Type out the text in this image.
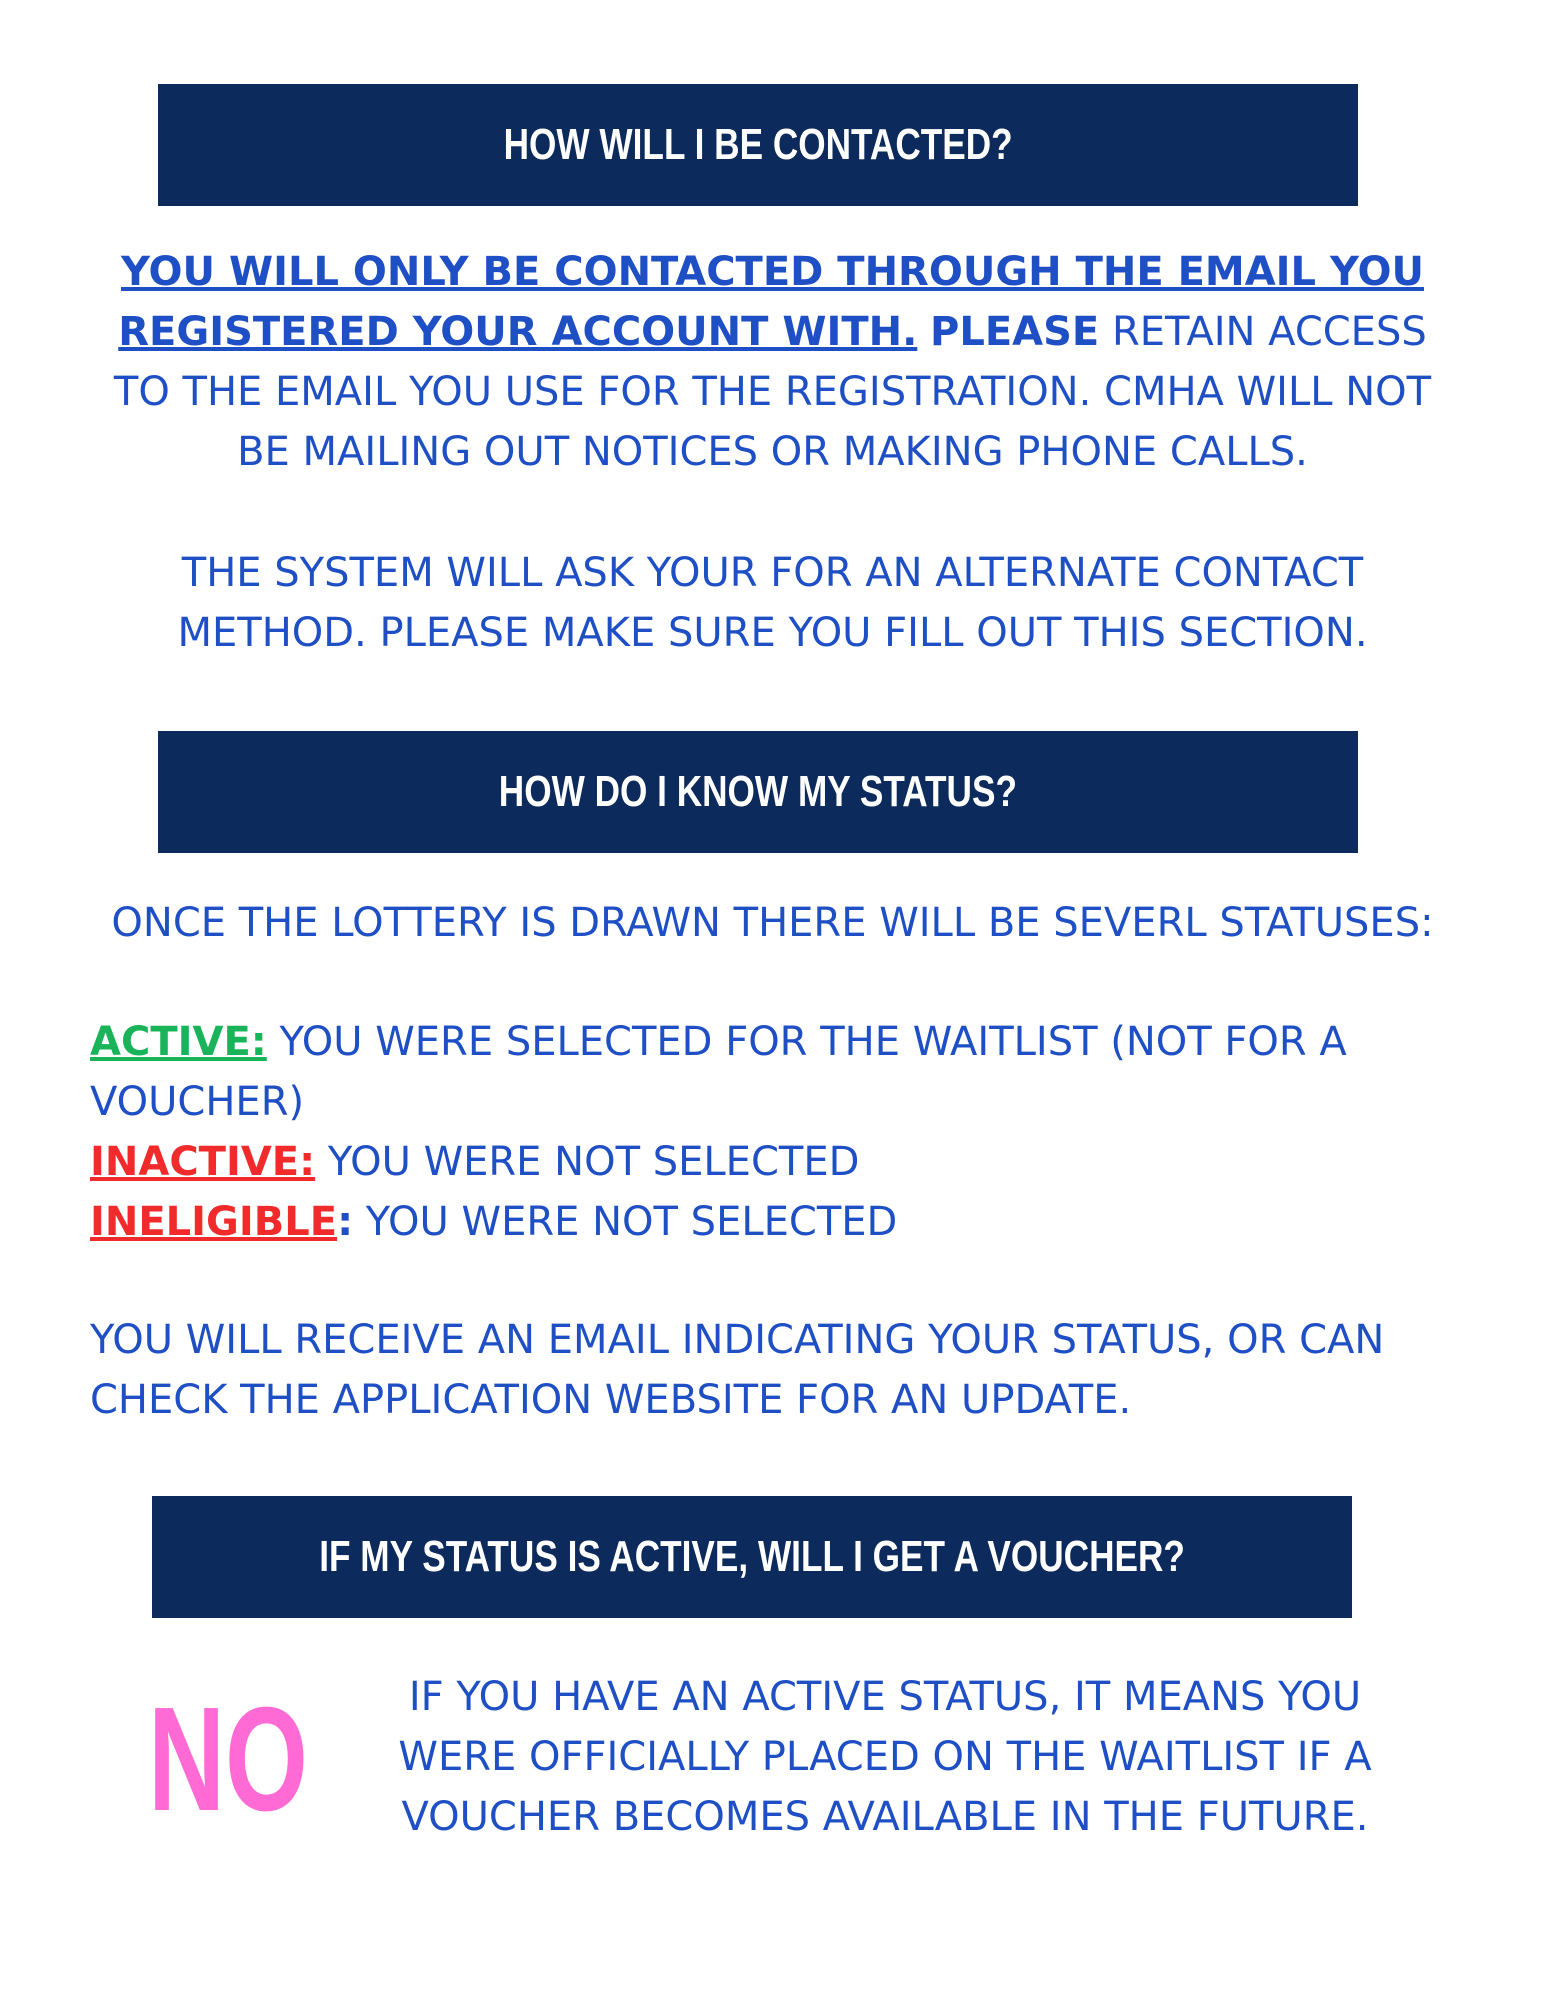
HOW WILL I BE CONTACTED?
YOU WILL ONLY BE CONTACTED THROUGH THE EMAIL YOU REGISTERED YOUR ACCOUNT WITH. PLEASE RETAIN ACCESS TO THE EMAIL YOU USE FOR THE REGISTRATION. CMHA WILL NOT BE MAILING OUT NOTICES OR MAKING PHONE CALLS.
THE SYSTEM WILL ASK YOUR FOR AN ALTERNATE CONTACT METHOD. PLEASE MAKE SURE YOU FILL OUT THIS SECTION.
HOW DO I KNOW MY STATUS?
ONCE THE LOTTERY IS DRAWN THERE WILL BE SEVERL STATUSES:
ACTIVE: YOU WERE SELECTED FOR THE WAITLIST (NOT FOR A VOUCHER)
INACTIVE: YOU WERE NOT SELECTED
INELIGIBLE: YOU WERE NOT SELECTED
YOU WILL RECEIVE AN EMAIL INDICATING YOUR STATUS, OR CAN CHECK THE APPLICATION WEBSITE FOR AN UPDATE.
IF MY STATUS IS ACTIVE, WILL I GET A VOUCHER?
NO	IF YOU HAVE AN ACTIVE STATUS, IT MEANS YOU WERE OFFICIALLY PLACED ON THE WAITLIST IF A VOUCHER BECOMES AVAILABLE IN THE FUTURE.
